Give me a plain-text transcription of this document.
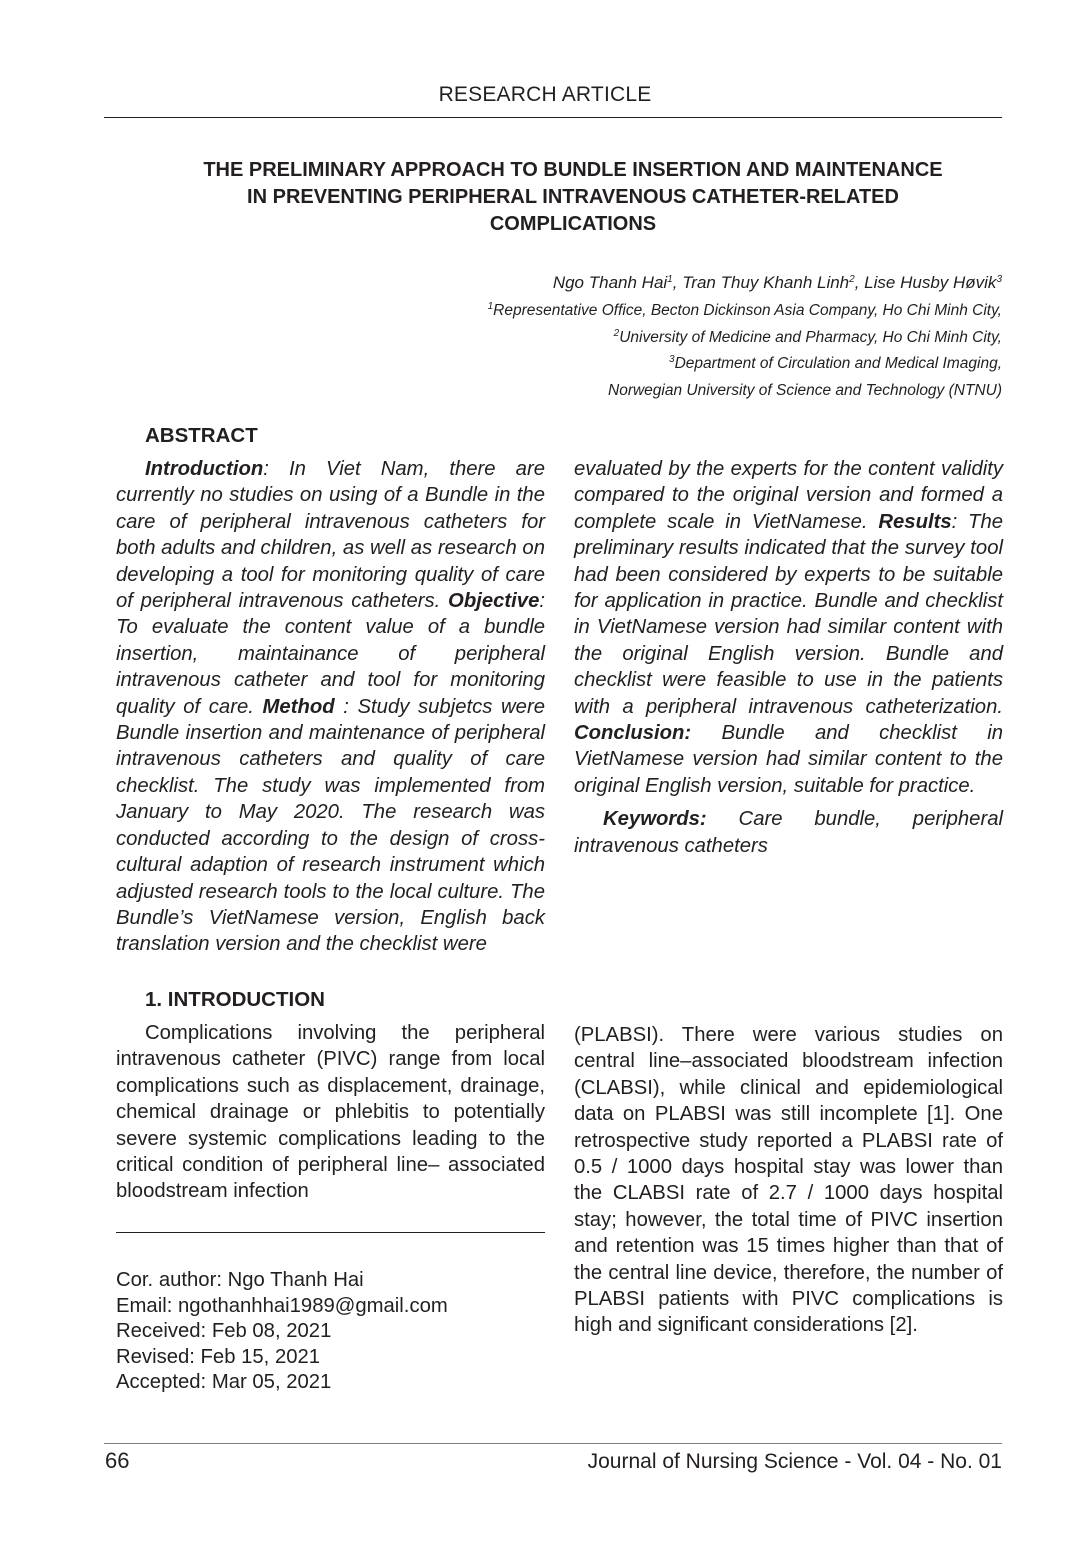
RESEARCH ARTICLE
THE PRELIMINARY APPROACH TO BUNDLE INSERTION AND MAINTENANCE
IN PREVENTING PERIPHERAL INTRAVENOUS CATHETER-RELATED
COMPLICATIONS
Ngo Thanh Hai$^1$, Tran Thuy Khanh Linh$^2$, Lise Husby Høvik$^3$
$^1$Representative Office, Becton Dickinson Asia Company, Ho Chi Minh City,
$^2$University of Medicine and Pharmacy, Ho Chi Minh City,
$^3$Department of Circulation and Medical Imaging,
Norwegian University of Science and Technology (NTNU)
ABSTRACT
Introduction: In Viet Nam, there are currently no studies on using of a Bundle in the care of peripheral intravenous catheters for both adults and children, as well as research on developing a tool for monitoring quality of care of peripheral intravenous catheters. Objective: To evaluate the content value of a bundle insertion, maintainance of peripheral intravenous catheter and tool for monitoring quality of care. Method : Study subjetcs were Bundle insertion and maintenance of peripheral intravenous catheters and quality of care checklist. The study was implemented from January to May 2020. The research was conducted according to the design of cross-cultural adaption of research instrument which adjusted research tools to the local culture. The Bundle’s VietNamese version, English back translation version and the checklist were
evaluated by the experts for the content validity compared to the original version and formed a complete scale in VietNamese. Results: The preliminary results indicated that the survey tool had been considered by experts to be suitable for application in practice. Bundle and checklist in VietNamese version had similar content with the original English version. Bundle and checklist were feasible to use in the patients with a peripheral intravenous catheterization. Conclusion: Bundle and checklist in VietNamese version had similar content to the original English version, suitable for practice.
Keywords: Care bundle, peripheral intravenous catheters
1. INTRODUCTION
Complications involving the peripheral intravenous catheter (PIVC) range from local complications such as displacement, drainage, chemical drainage or phlebitis to potentially severe systemic complications leading to the critical condition of peripheral line– associated bloodstream infection
(PLABSI). There were various studies on central line–associated bloodstream infection (CLABSI), while clinical and epidemiological data on PLABSI was still incomplete [1]. One retrospective study reported a PLABSI rate of 0.5 / 1000 days hospital stay was lower than the CLABSI rate of 2.7 / 1000 days hospital stay; however, the total time of PIVC insertion and retention was 15 times higher than that of the central line device, therefore, the number of PLABSI patients with PIVC complications is high and significant considerations [2].
Cor. author: Ngo Thanh Hai
Email: ngothanhhai1989@gmail.com
Received: Feb 08, 2021
Revised: Feb 15, 2021
Accepted: Mar 05, 2021
66	Journal of Nursing Science - Vol. 04 - No. 01
